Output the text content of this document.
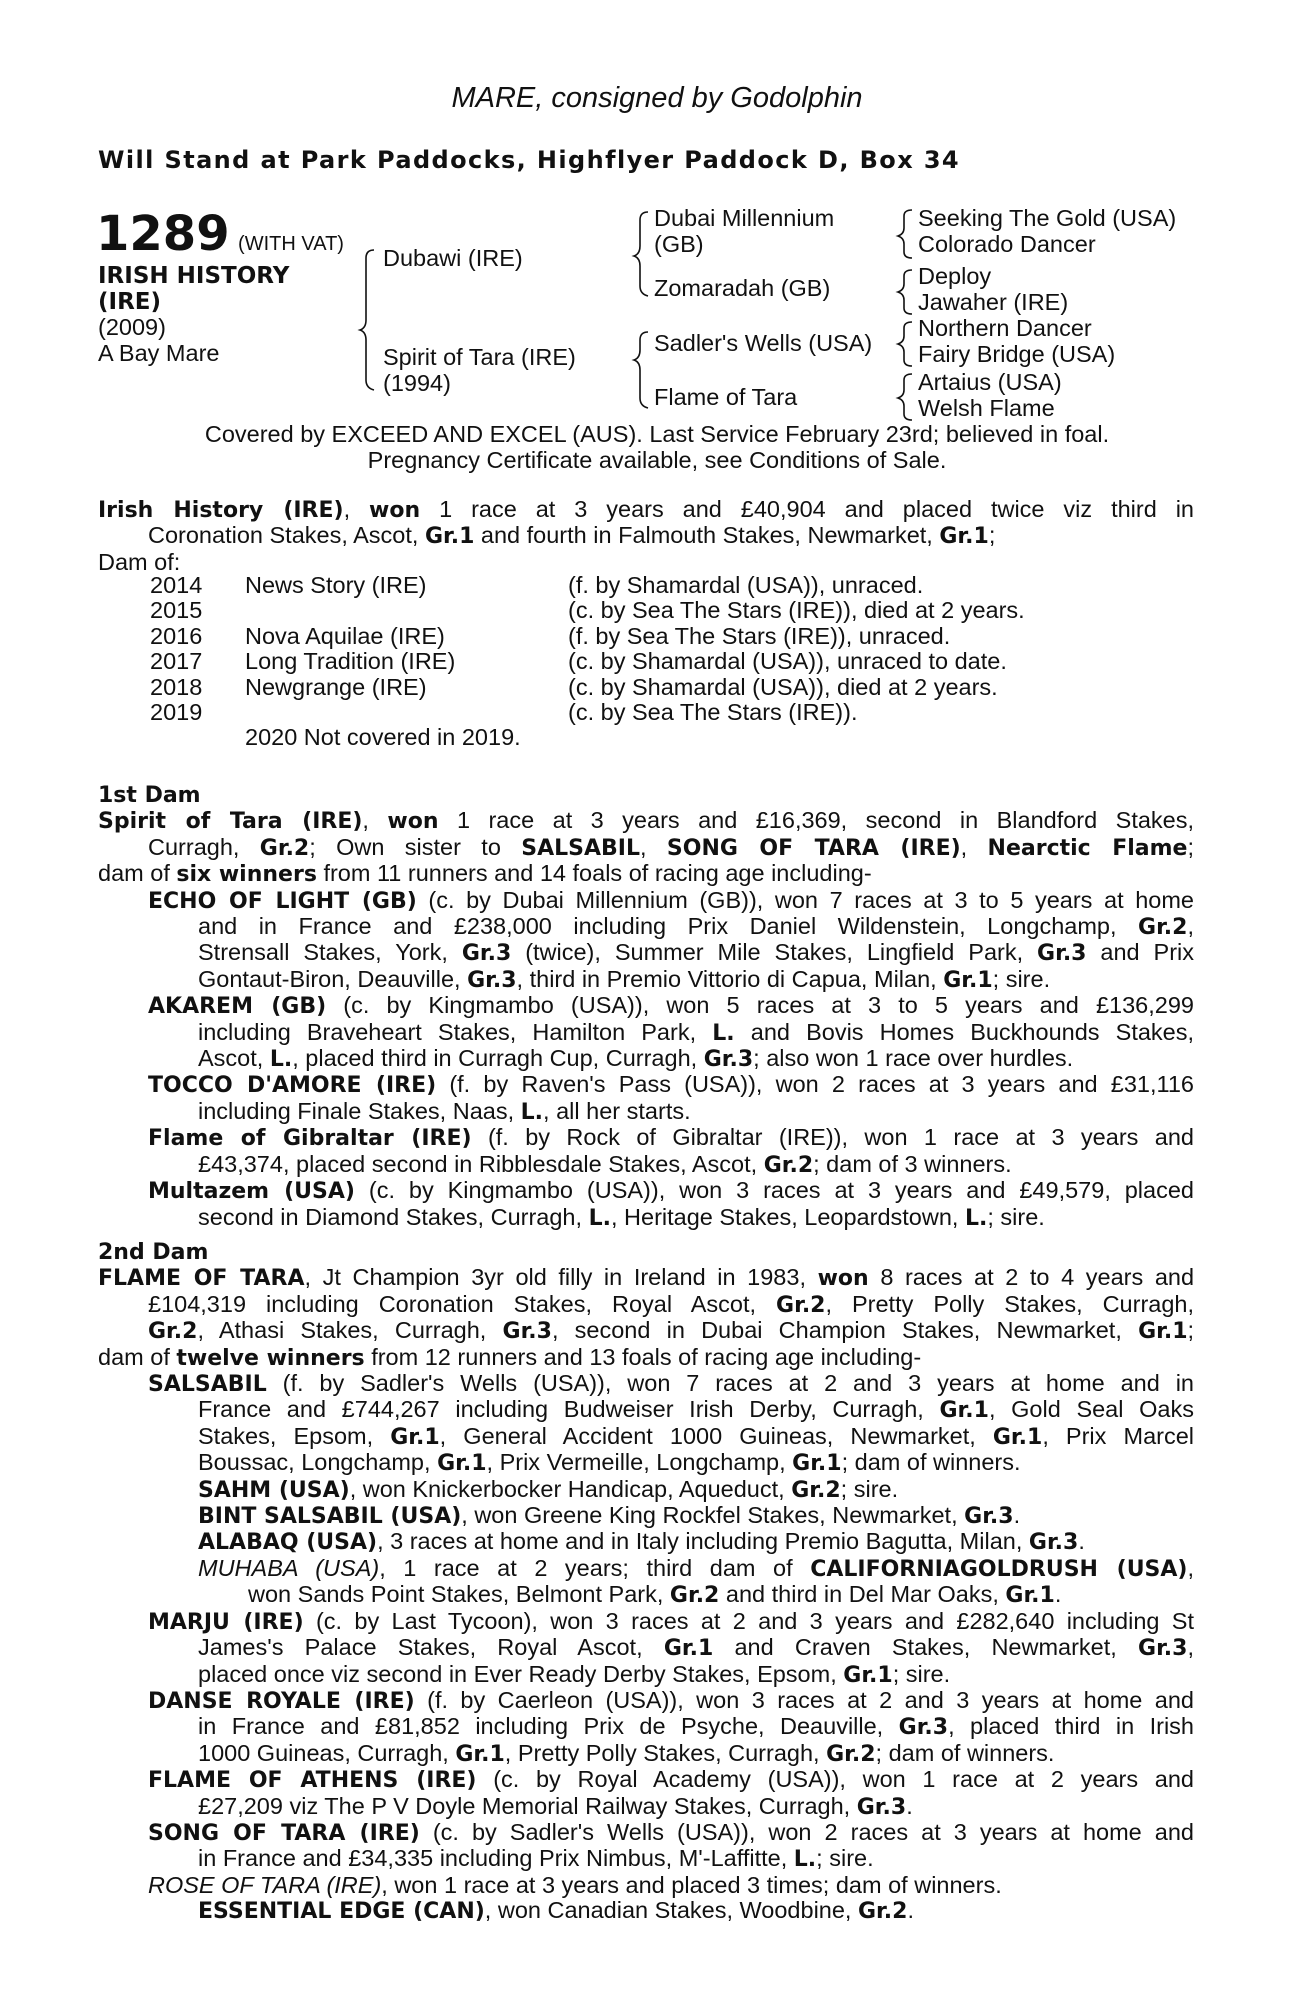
MARE, consigned by Godolphin
Will Stand at Park Paddocks, Highflyer Paddock D, Box 34
1289 (WITH VAT)
IRISH HISTORY
(IRE)
(2009)
A Bay Mare
Dubawi (IRE)
Spirit of Tara (IRE)
(1994)
Dubai Millennium
(GB)
Zomaradah (GB)
Sadler's Wells (USA)
Flame of Tara
Seeking The Gold (USA)
Colorado Dancer
Deploy
Jawaher (IRE)
Northern Dancer
Fairy Bridge (USA)
Artaius (USA)
Welsh Flame
Covered by EXCEED AND EXCEL (AUS). Last Service February 23rd; believed in foal.
Pregnancy Certificate available, see Conditions of Sale.
Irish History (IRE), won 1 race at 3 years and £40,904 and placed twice viz third in
Coronation Stakes, Ascot, Gr.1 and fourth in Falmouth Stakes, Newmarket, Gr.1;
Dam of:
2014 News Story (IRE)	(f. by Shamardal (USA)), unraced.
2015	(c. by Sea The Stars (IRE)), died at 2 years.
2016 Nova Aquilae (IRE)	(f. by Sea The Stars (IRE)), unraced.
2017 Long Tradition (IRE)	(c. by Shamardal (USA)), unraced to date.
2018 Newgrange (IRE)	(c. by Shamardal (USA)), died at 2 years.
2019	(c. by Sea The Stars (IRE)).
2020 Not covered in 2019.
1st Dam
Spirit of Tara (IRE), won 1 race at 3 years and £16,369, second in Blandford Stakes,
Curragh, Gr.2; Own sister to SALSABIL, SONG OF TARA (IRE), Nearctic Flame;
dam of six winners from 11 runners and 14 foals of racing age including-
ECHO OF LIGHT (GB) (c. by Dubai Millennium (GB)), won 7 races at 3 to 5 years at home
and in France and £238,000 including Prix Daniel Wildenstein, Longchamp, Gr.2,
Strensall Stakes, York, Gr.3 (twice), Summer Mile Stakes, Lingfield Park, Gr.3 and Prix
Gontaut-Biron, Deauville, Gr.3, third in Premio Vittorio di Capua, Milan, Gr.1; sire.
AKAREM (GB) (c. by Kingmambo (USA)), won 5 races at 3 to 5 years and £136,299
including Braveheart Stakes, Hamilton Park, L. and Bovis Homes Buckhounds Stakes,
Ascot, L., placed third in Curragh Cup, Curragh, Gr.3; also won 1 race over hurdles.
TOCCO D'AMORE (IRE) (f. by Raven's Pass (USA)), won 2 races at 3 years and £31,116
including Finale Stakes, Naas, L., all her starts.
Flame of Gibraltar (IRE) (f. by Rock of Gibraltar (IRE)), won 1 race at 3 years and
£43,374, placed second in Ribblesdale Stakes, Ascot, Gr.2; dam of 3 winners.
Multazem (USA) (c. by Kingmambo (USA)), won 3 races at 3 years and £49,579, placed
second in Diamond Stakes, Curragh, L., Heritage Stakes, Leopardstown, L.; sire.
2nd Dam
FLAME OF TARA, Jt Champion 3yr old filly in Ireland in 1983, won 8 races at 2 to 4 years and
£104,319 including Coronation Stakes, Royal Ascot, Gr.2, Pretty Polly Stakes, Curragh,
Gr.2, Athasi Stakes, Curragh, Gr.3, second in Dubai Champion Stakes, Newmarket, Gr.1;
dam of twelve winners from 12 runners and 13 foals of racing age including-
SALSABIL (f. by Sadler's Wells (USA)), won 7 races at 2 and 3 years at home and in
France and £744,267 including Budweiser Irish Derby, Curragh, Gr.1, Gold Seal Oaks
Stakes, Epsom, Gr.1, General Accident 1000 Guineas, Newmarket, Gr.1, Prix Marcel
Boussac, Longchamp, Gr.1, Prix Vermeille, Longchamp, Gr.1; dam of winners.
SAHM (USA), won Knickerbocker Handicap, Aqueduct, Gr.2; sire.
BINT SALSABIL (USA), won Greene King Rockfel Stakes, Newmarket, Gr.3.
ALABAQ (USA), 3 races at home and in Italy including Premio Bagutta, Milan, Gr.3.
MUHABA (USA), 1 race at 2 years; third dam of CALIFORNIAGOLDRUSH (USA),
won Sands Point Stakes, Belmont Park, Gr.2 and third in Del Mar Oaks, Gr.1.
MARJU (IRE) (c. by Last Tycoon), won 3 races at 2 and 3 years and £282,640 including St
James's Palace Stakes, Royal Ascot, Gr.1 and Craven Stakes, Newmarket, Gr.3,
placed once viz second in Ever Ready Derby Stakes, Epsom, Gr.1; sire.
DANSE ROYALE (IRE) (f. by Caerleon (USA)), won 3 races at 2 and 3 years at home and
in France and £81,852 including Prix de Psyche, Deauville, Gr.3, placed third in Irish
1000 Guineas, Curragh, Gr.1, Pretty Polly Stakes, Curragh, Gr.2; dam of winners.
FLAME OF ATHENS (IRE) (c. by Royal Academy (USA)), won 1 race at 2 years and
£27,209 viz The P V Doyle Memorial Railway Stakes, Curragh, Gr.3.
SONG OF TARA (IRE) (c. by Sadler's Wells (USA)), won 2 races at 3 years at home and
in France and £34,335 including Prix Nimbus, M'-Laffitte, L.; sire.
ROSE OF TARA (IRE), won 1 race at 3 years and placed 3 times; dam of winners.
ESSENTIAL EDGE (CAN), won Canadian Stakes, Woodbine, Gr.2.
